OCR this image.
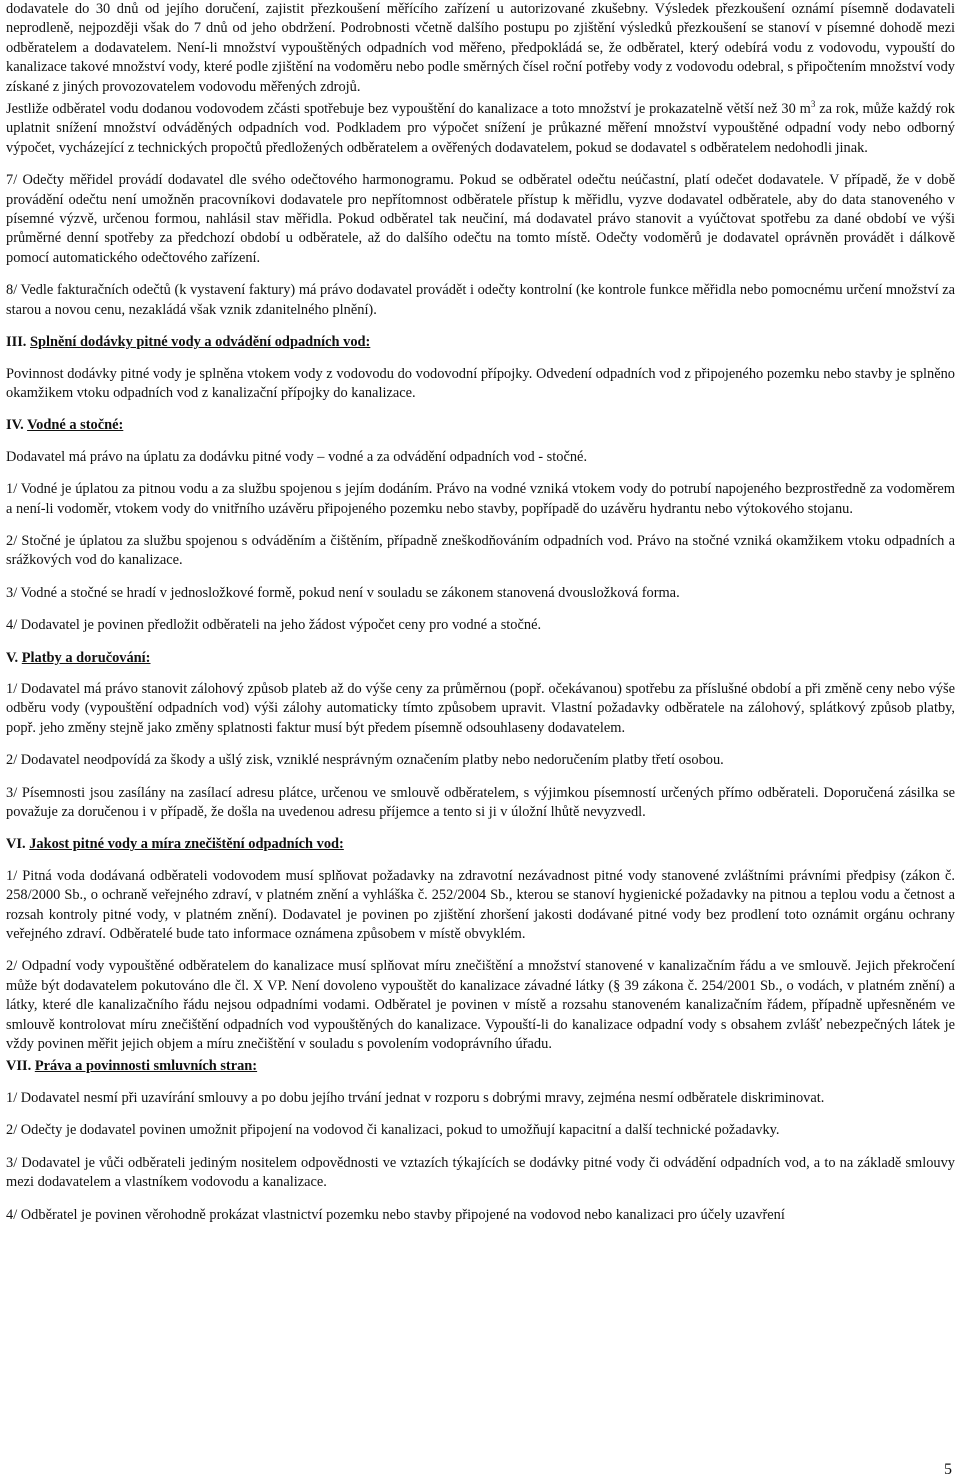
dodavatele do 30 dnů od jejího doručení, zajistit přezkoušení měřícího zařízení u autorizované zkušebny. Výsledek přezkoušení oznámí písemně dodavateli neprodleně, nejpozději však do 7 dnů od jeho obdržení. Podrobnosti včetně dalšího postupu po zjištění výsledků přezkoušení se stanoví v písemné dohodě mezi odběratelem a dodavatelem. Není-li množství vypouštěných odpadních vod měřeno, předpokládá se, že odběratel, který odebírá vodu z vodovodu, vypouští do kanalizace takové množství vody, které podle zjištění na vodoměru nebo podle směrných čísel roční potřeby vody z vodovodu odebral, s připočtením množství vody získané z jiných provozovatelem vodovodu měřených zdrojů.

Jestliže odběratel vodu dodanou vodovodem zčásti spotřebuje bez vypouštění do kanalizace a toto množství je prokazatelně větší než 30 $m^3$ za rok, může každý rok uplatnit snížení množství odváděných odpadních vod. Podkladem pro výpočet snížení je průkazné měření množství vypouštěné odpadní vody nebo odborný výpočet, vycházející z technických propočtů předložených odběratelem a ověřených dodavatelem, pokud se dodavatel s odběratelem nedohodli jinak.

7/ Odečty měřidel provádí dodavatel dle svého odečtového harmonogramu. Pokud se odběratel odečtu neúčastní, platí odečet dodavatele. V případě, že v době provádění odečtu není umožněn pracovníkovi dodavatele pro nepřítomnost odběratele přístup k měřidlu, vyzve dodavatel odběratele, aby do data stanoveného v písemné výzvě, určenou formou, nahlásil stav měřidla. Pokud odběratel tak neučiní, má dodavatel právo stanovit a vyúčtovat spotřebu za dané období ve výši průměrné denní spotřeby za předchozí období u odběratele, až do dalšího odečtu na tomto místě. Odečty vodoměrů je dodavatel oprávněn provádět i dálkově pomocí automatického odečtového zařízení.

8/ Vedle fakturačních odečtů (k vystavení faktury) má právo dodavatel provádět i odečty kontrolní (ke kontrole funkce měřidla nebo pomocnému určení množství za starou a novou cenu, nezakládá však vznik zdanitelného plnění).

III. Splnění dodávky pitné vody a odvádění odpadních vod:

Povinnost dodávky pitné vody je splněna vtokem vody z vodovodu do vodovodní přípojky. Odvedení odpadních vod z připojeného pozemku nebo stavby je splněno okamžikem vtoku odpadních vod z kanalizační přípojky do kanalizace.

IV. Vodné a stočné:

Dodavatel má právo na úplatu za dodávku pitné vody – vodné a za odvádění odpadních vod - stočné.

1/ Vodné je úplatou za pitnou vodu a za službu spojenou s jejím dodáním. Právo na vodné vzniká vtokem vody do potrubí napojeného bezprostředně za vodoměrem a není-li vodoměr, vtokem vody do vnitřního uzávěru připojeného pozemku nebo stavby, popřípadě do uzávěru hydrantu nebo výtokového stojanu.

2/ Stočné je úplatou za službu spojenou s odváděním a čištěním, případně zneškodňováním odpadních vod. Právo na stočné vzniká okamžikem vtoku odpadních a srážkových vod do kanalizace.

3/ Vodné a stočné se hradí v jednosložkové formě, pokud není v souladu se zákonem stanovená dvousložková forma.

4/ Dodavatel je povinen předložit odběrateli na jeho žádost výpočet ceny pro vodné a stočné.

V. Platby a doručování:

1/ Dodavatel má právo stanovit zálohový způsob plateb až do výše ceny za průměrnou (popř. očekávanou) spotřebu za příslušné období a při změně ceny nebo výše odběru vody (vypouštění odpadních vod) výši zálohy automaticky tímto způsobem upravit. Vlastní požadavky odběratele na zálohový, splátkový způsob platby, popř. jeho změny stejně jako změny splatnosti faktur musí být předem písemně odsouhlaseny dodavatelem.

2/ Dodavatel neodpovídá za škody a ušlý zisk, vzniklé nesprávným označením platby nebo nedoručením platby třetí osobou.

3/ Písemnosti jsou zasílány na zasílací adresu plátce, určenou ve smlouvě odběratelem, s výjimkou písemností určených přímo odběrateli. Doporučená zásilka se považuje za doručenou i v případě, že došla na uvedenou adresu příjemce a tento si ji v úložní lhůtě nevyzvedl.

VI. Jakost pitné vody a míra znečištění odpadních vod:

1/ Pitná voda dodávaná odběrateli vodovodem musí splňovat požadavky na zdravotní nezávadnost pitné vody stanovené zvláštními právními předpisy (zákon č. 258/2000 Sb., o ochraně veřejného zdraví, v platném znění a vyhláška č. 252/2004 Sb., kterou se stanoví hygienické požadavky na pitnou a teplou vodu a četnost a rozsah kontroly pitné vody, v platném znění). Dodavatel je povinen po zjištění zhoršení jakosti dodávané pitné vody bez prodlení toto oznámit orgánu ochrany veřejného zdraví. Odběratelé bude tato informace oznámena způsobem v místě obvyklém.

2/ Odpadní vody vypouštěné odběratelem do kanalizace musí splňovat míru znečištění a množství stanovené v kanalizačním řádu a ve smlouvě. Jejich překročení může být dodavatelem pokutováno dle čl. X VP. Není dovoleno vypouštět do kanalizace závadné látky (§ 39 zákona č. 254/2001 Sb., o vodách, v platném znění) a látky, které dle kanalizačního řádu nejsou odpadními vodami. Odběratel je povinen v místě a rozsahu stanoveném kanalizačním řádem, případně upřesněném ve smlouvě kontrolovat míru znečištění odpadních vod vypouštěných do kanalizace. Vypouští-li do kanalizace odpadní vody s obsahem zvlášť nebezpečných látek je vždy povinen měřit jejich objem a míru znečištění v souladu s povolením vodoprávního úřadu.

VII. Práva a povinnosti smluvních stran:

1/ Dodavatel nesmí při uzavírání smlouvy a po dobu jejího trvání jednat v rozporu s dobrými mravy, zejména nesmí odběratele diskriminovat.

2/ Odečty je dodavatel povinen umožnit připojení na vodovod či kanalizaci, pokud to umožňují kapacitní a další technické požadavky.

3/ Dodavatel je vůči odběrateli jediným nositelem odpovědnosti ve vztazích týkajících se dodávky pitné vody či odvádění odpadních vod, a to na základě smlouvy mezi dodavatelem a vlastníkem vodovodu a kanalizace.

4/ Odběratel je povinen věrohodně prokázat vlastnictví pozemku nebo stavby připojené na vodovod nebo kanalizaci pro účely uzavření

5
